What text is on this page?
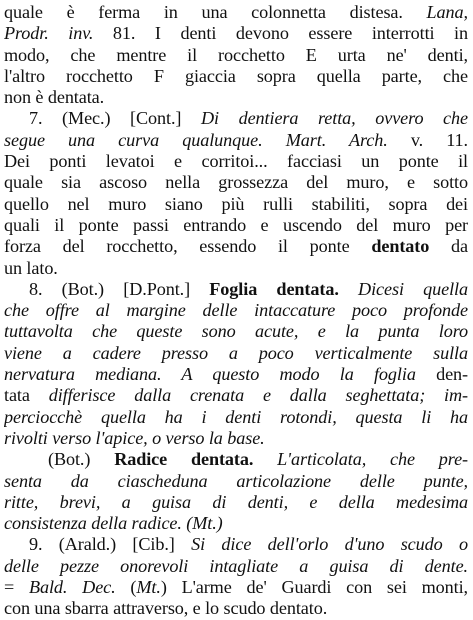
quale è ferma in una colonnetta distesa. Lana,
Prodr. inv. 81. I denti devono essere interrotti in
modo, che mentre il rocchetto E urta ne' denti,
l'altro rocchetto F giaccia sopra quella parte, che
non è dentata.
7. (Mec.) [Cont.] Di dentiera retta, ovvero che
segue una curva qualunque. Mart. Arch. v. 11.
Dei ponti levatoi e corritoi... facciasi un ponte il
quale sia ascoso nella grossezza del muro, e sotto
quello nel muro siano più rulli stabiliti, sopra dei
quali il ponte passi entrando e uscendo del muro per
forza del rocchetto, essendo il ponte dentato da
un lato.
8. (Bot.) [D.Pont.] Foglia dentata. Dicesi quella
che offre al margine delle intaccature poco profonde
tuttavolta che queste sono acute, e la punta loro
viene a cadere presso a poco verticalmente sulla
nervatura mediana. A questo modo la foglia den-
tata differisce dalla crenata e dalla seghettata; im-
perciocchè quella ha i denti rotondi, questa li ha
rivolti verso l'apice, o verso la base.
(Bot.) Radice dentata. L'articolata, che pre-
senta da ciascheduna articolazione delle punte,
ritte, brevi, a guisa di denti, e della medesima
consistenza della radice. (Mt.)
9. (Arald.) [Cib.] Si dice dell'orlo d'uno scudo o
delle pezze onorevoli intagliate a guisa di dente.
= Bald. Dec. (Mt.) L'arme de' Guardi con sei monti,
con una sbarra attraverso, e lo scudo dentato.
